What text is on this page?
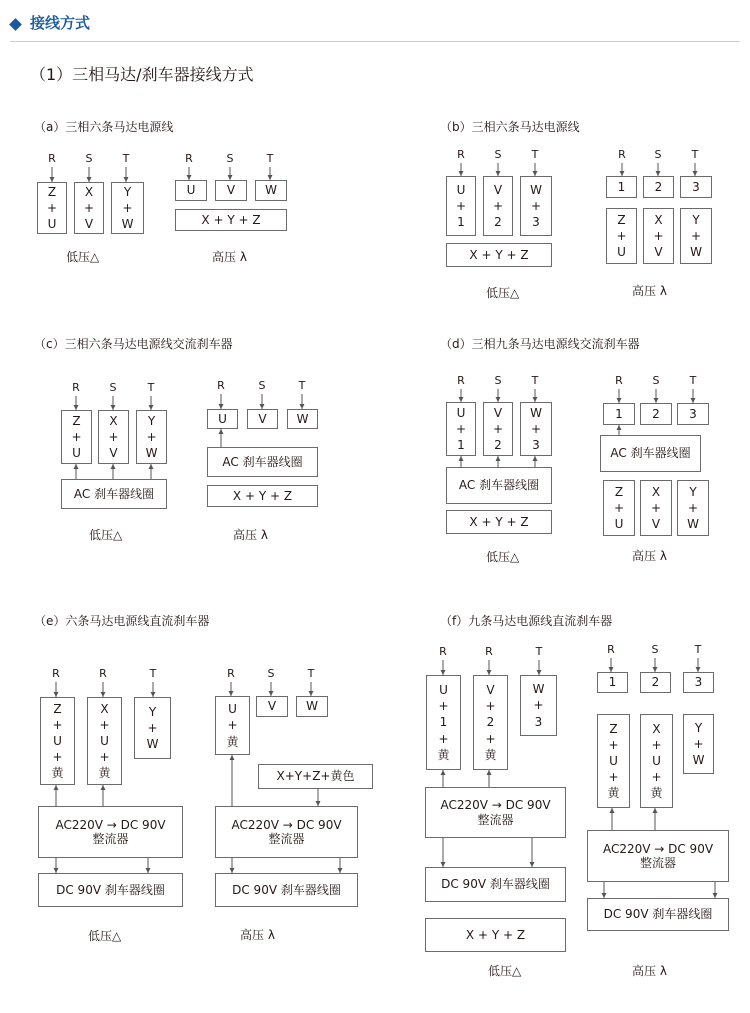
接线方式
（1）三相马达/刹车器接线方式
（a）三相六条马达电源线
R	S	T
Z
+
U
X
+
V
Y
+
W
低压△
R	S	T
U	V	W
X + Y + Z
高压 λ
（b）三相六条马达电源线
R	S	T
U
+
1
V
+
2
W
+
3
X + Y + Z
低压△
R	S	T
1	2	3
Z
+
U
X
+
V
Y
+
W
高压 λ
（c）三相六条马达电源线交流刹车器
R	S	T
Z
+
U
X
+
V
Y
+
W
AC 刹车器线圈
低压△
R	S	T
U	V	W
AC 刹车器线圈
X + Y + Z
高压 λ
（d）三相九条马达电源线交流刹车器
R	S	T
U
+
1
V
+
2
W
+
3
AC 刹车器线圈
X + Y + Z
低压△
R	S	T
1	2	3
AC 刹车器线圈
Z
+
U
X
+
V
Y
+
W
高压 λ
（e）六条马达电源线直流刹车器
R	R	T
Z
+
U
+
黄
X
+
U
+
黄
Y
+
W
AC220V → DC 90V
整流器
DC 90V 刹车器线圈
低压△
R	S	T
U
+
黄
V	W
X+Y+Z+黄色
AC220V → DC 90V
整流器
DC 90V 刹车器线圈
高压 λ
（f）九条马达电源线直流刹车器
R	R	T
U
+
1
+
黄
V
+
2
+
黄
W
+
3
AC220V → DC 90V
整流器
DC 90V 刹车器线圈
X + Y + Z
低压△
R	S	T
1	2	3
Z
+
U
+
黄
X
+
U
+
黄
Y
+
W
AC220V → DC 90V
整流器
DC 90V 刹车器线圈
高压 λ
